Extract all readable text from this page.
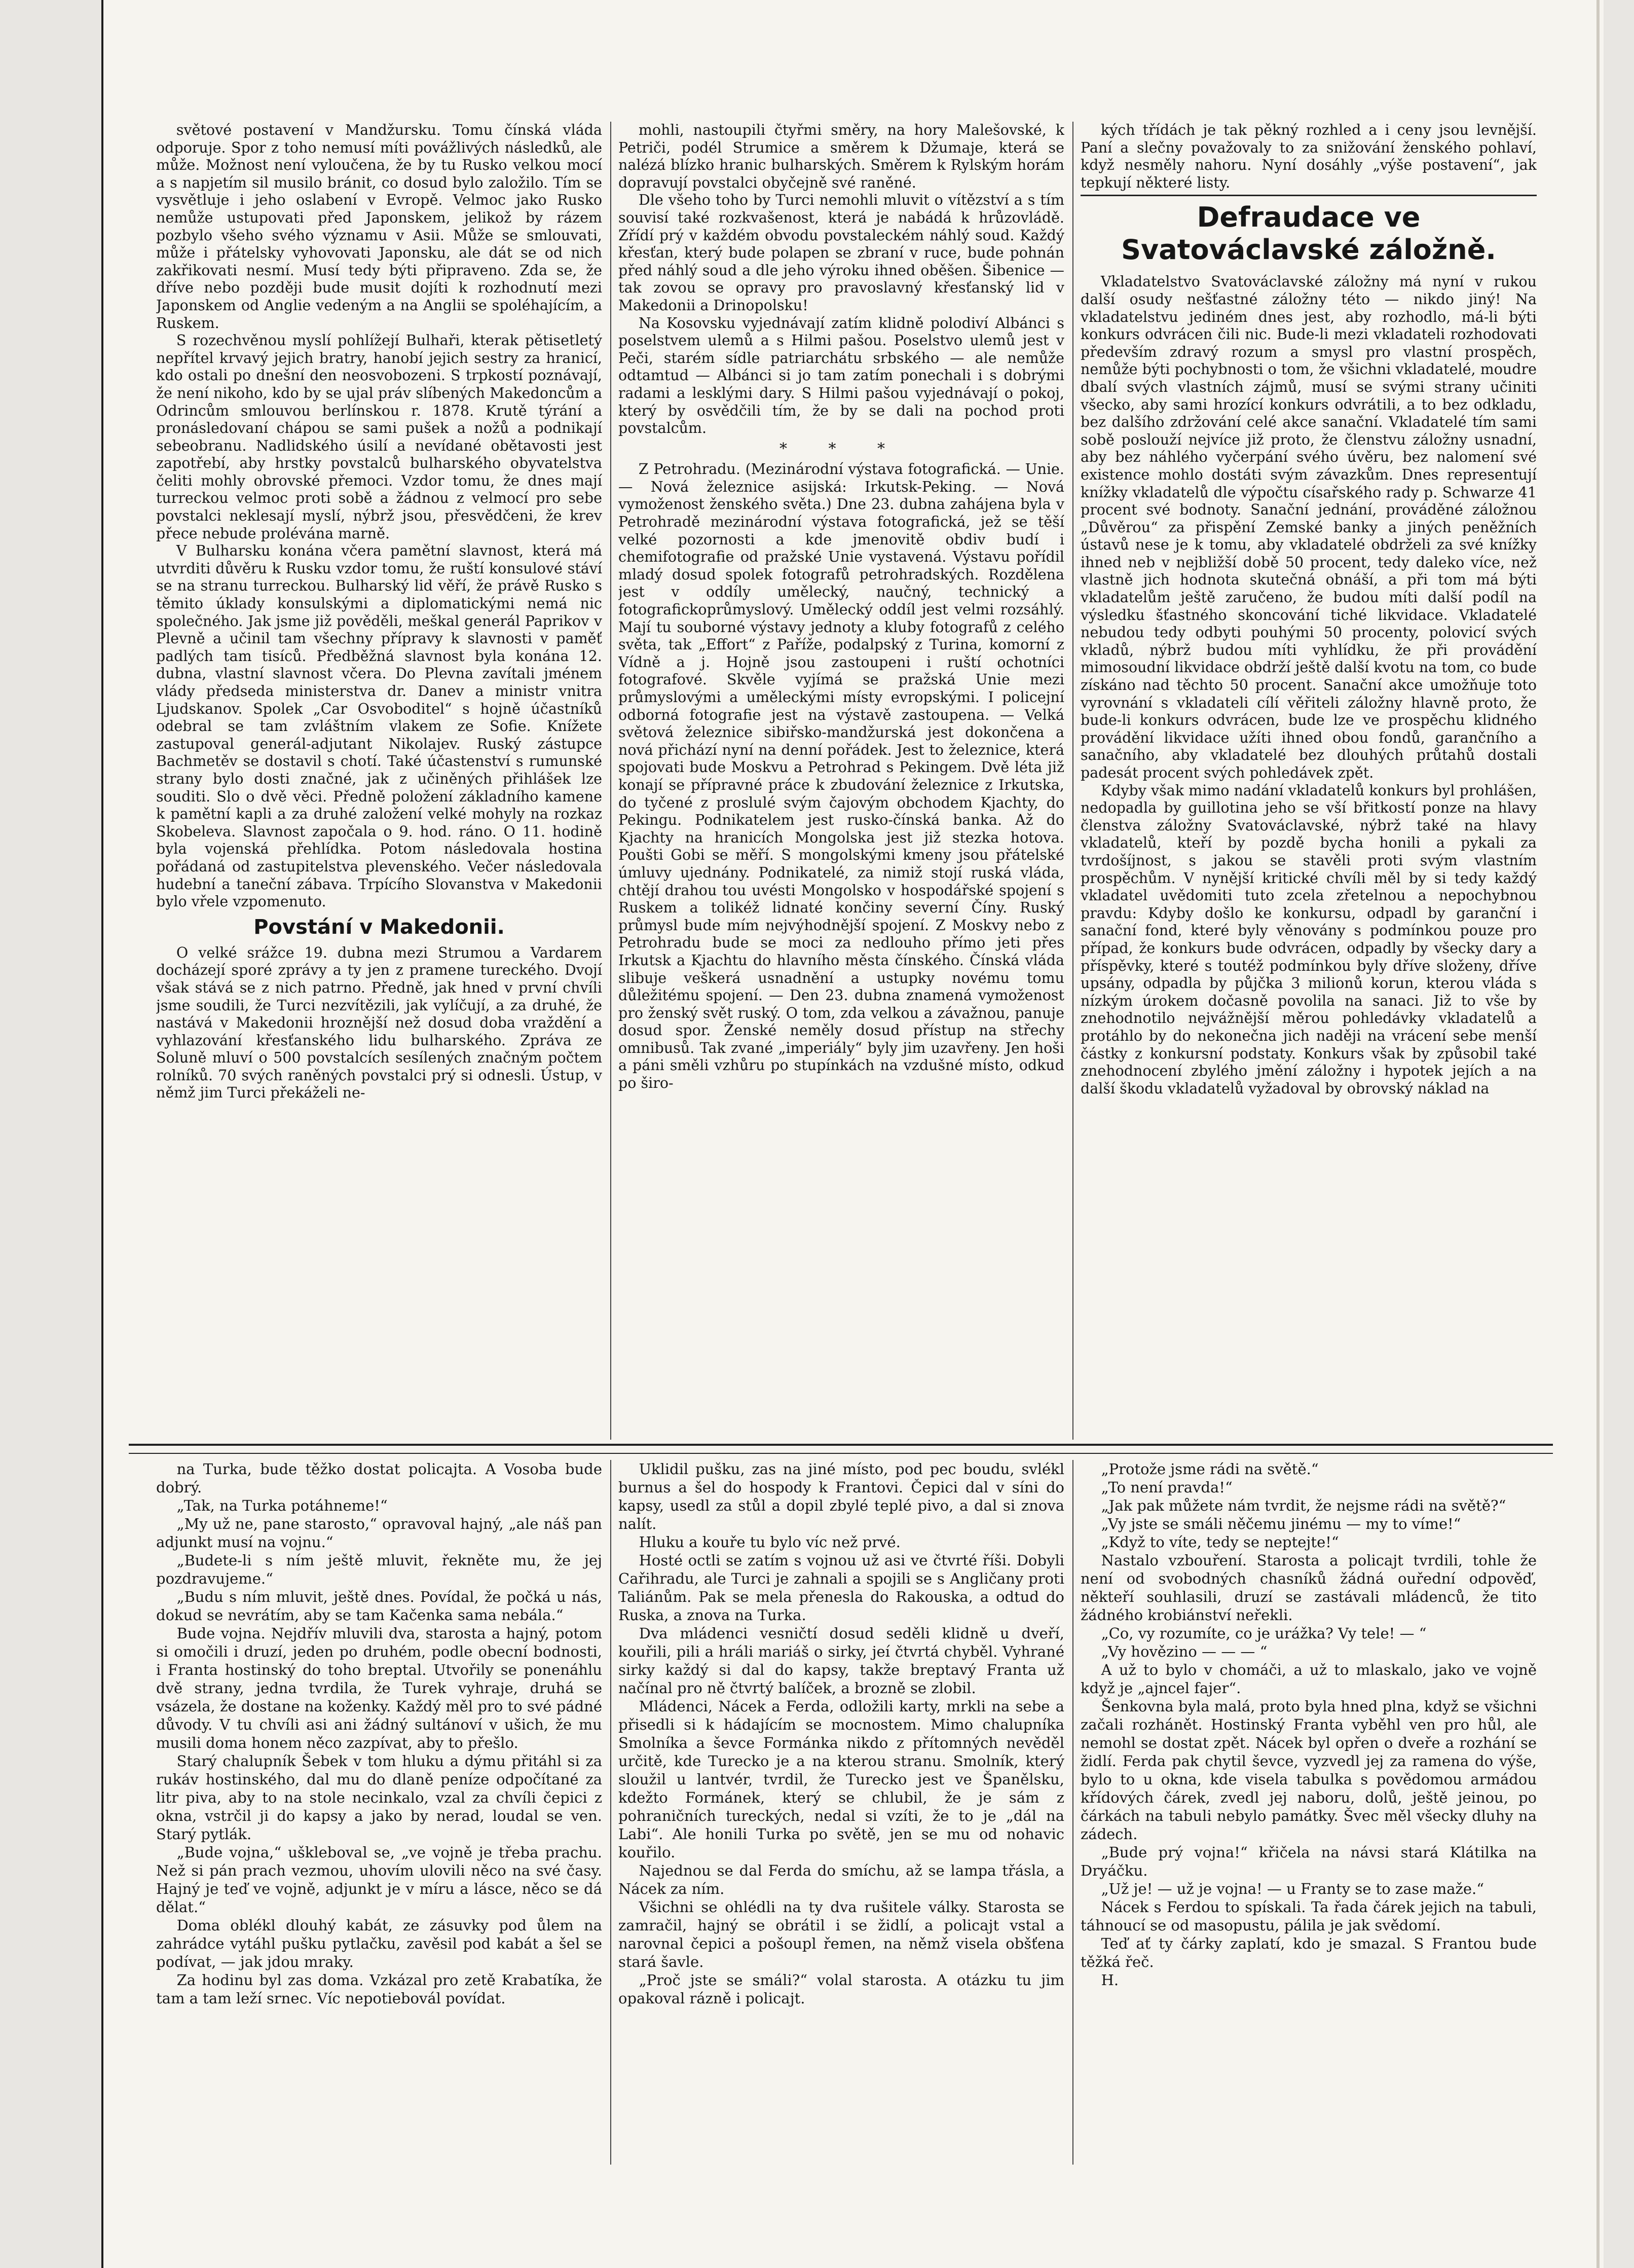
světové postavení v Mandžursku. Tomu čínská vláda odporuje. Spor z toho nemusí míti povážlivých následků, ale může. Možnost není vyloučena, že by tu Rusko velkou mocí a s napjetím sil musilo bránit, co dosud bylo založilo. Tím se vysvětluje i jeho oslabení v Evropě. Velmoc jako Rusko nemůže ustupovati před Japonskem, jelikož by rázem pozbylo všeho svého významu v Asii. Může se smlouvati, může i přátelsky vyhovovati Japonsku, ale dát se od nich zakřikovati nesmí. Musí tedy býti připraveno. Zda se, že dříve nebo později bude musit dojíti k rozhodnutí mezi Japonskem od Anglie vedeným a na Anglii se spoléhajícím, a Ruskem.

S rozechvěnou myslí pohlížejí Bulhaři, kterak pětisetletý nepřítel krvavý jejich bratry, hanobí jejich sestry za hranicí, kdo ostali po dnešní den neosvobozeni. S trpkostí poznávají, že není nikoho, kdo by se ujal práv slíbených Makedoncům a Odrincům smlouvou berlínskou r. 1878. Krutě týrání a pronásledovaní chápou se sami pušek a nožů a podnikají sebeobranu. Nadlidského úsilí a nevídané obětavosti jest zapotřebí, aby hrstky povstalců bulharského obyvatelstva čeliti mohly obrovské přemoci. Vzdor tomu, že dnes mají turreckou velmoc proti sobě a žádnou z velmocí pro sebe povstalci neklesají myslí, nýbrž jsou, přesvědčeni, že krev přece nebude prolévána marně.

V Bulharsku konána včera pamětní slavnost, která má utvrditi důvěru k Rusku vzdor tomu, že ruští konsulové stáví se na stranu turreckou. Bulharský lid věří, že právě Rusko s těmito úklady konsulskými a diplomatickými nemá nic společného. Jak jsme již pověděli, meškal generál Paprikov v Plevně a učinil tam všechny přípravy k slavnosti v paměť padlých tam tisíců. Předběžná slavnost byla konána 12. dubna, vlastní slavnost včera. Do Plevna zavítali jménem vlády předseda ministerstva dr. Danev a ministr vnitra Ljudskanov. Spolek „Car Osvoboditel“ s hojně účastníků odebral se tam zvláštním vlakem ze Sofie. Knížete zastupoval generál-adjutant Nikolajev. Ruský zástupce Bachmetěv se dostavil s chotí. Také účastenství s rumunské strany bylo dosti značné, jak z učiněných přihlášek lze souditi. Slo o dvě věci. Předně položení základního kamene k pamětní kapli a za druhé založení velké mohyly na rozkaz Skobeleva. Slavnost započala o 9. hod. ráno. O 11. hodině byla vojenská přehlídka. Potom následovala hostina pořádaná od zastupitelstva plevenského. Večer následovala hudební a taneční zábava. Trpícího Slovanstva v Makedonii bylo vřele vzpomenuto.

Povstání v Makedonii.

O velké srážce 19. dubna mezi Strumou a Vardarem docházejí sporé zprávy a ty jen z pramene tureckého. Dvojí však stává se z nich patrno. Předně, jak hned v první chvíli jsme soudili, že Turci nezvítězili, jak vylíčují, a za druhé, že nastává v Makedonii hroznější než dosud doba vraždění a vyhlazování křesťanského lidu bulharského. Zpráva ze Soluně mluví o 500 povstalcích sesílených značným počtem rolníků. 70 svých raněných povstalci prý si odnesli. Ústup, v němž jim Turci překáželi ne-

mohli, nastoupili čtyřmi směry, na hory Malešovské, k Petriči, podél Strumice a směrem k Džumaje, která se nalézá blízko hranic bulharských. Směrem k Rylským horám dopravují povstalci obyčejně své raněné.

Dle všeho toho by Turci nemohli mluvit o vítězství a s tím souvisí také rozkvašenost, která je nabádá k hrůzovládě. Zřídí prý v každém obvodu povstaleckém náhlý soud. Každý křesťan, který bude polapen se zbraní v ruce, bude pohnán před náhlý soud a dle jeho výroku ihned oběšen. Šibenice — tak zovou se opravy pro pravoslavný křesťanský lid v Makedonii a Drinopolsku!

Na Kosovsku vyjednávají zatím klidně polodiví Albánci s poselstvem ulemů a s Hilmi pašou. Poselstvo ulemů jest v Peči, starém sídle patriarchátu srbského — ale nemůže odtamtud — Albánci si jo tam zatím ponechali i s dobrými radami a lesklými dary. S Hilmi pašou vyjednávají o pokoj, který by osvědčili tím, že by se dali na pochod proti povstalcům.

* * *

Z Petrohradu. (Mezinárodní výstava fotografická. — Unie. — Nová železnice asijská: Irkutsk-Peking. — Nová vymoženost ženského světa.) Dne 23. dubna zahájena byla v Petrohradě mezinárodní výstava fotografická, jež se těší velké pozornosti a kde jmenovitě obdiv budí i chemifotografie od pražské Unie vystavená. Výstavu pořídil mladý dosud spolek fotografů petrohradských. Rozdělena jest v oddíly umělecký, naučný, technický a fotografickoprůmyslový. Umělecký oddíl jest velmi rozsáhlý. Mají tu souborné výstavy jednoty a kluby fotografů z celého světa, tak „Effort“ z Paříže, podalpský z Turina, komorní z Vídně a j. Hojně jsou zastoupeni i ruští ochotníci fotografové. Skvěle vyjímá se pražská Unie mezi průmyslovými a uměleckými místy evropskými. I policejní odborná fotografie jest na výstavě zastoupena. — Velká světová železnice sibiřsko-mandžurská jest dokončena a nová přichází nyní na denní pořádek. Jest to železnice, která spojovati bude Moskvu a Petrohrad s Pekingem. Dvě léta již konají se přípravné práce k zbudování železnice z Irkutska, do tyčené z proslulé svým čajovým obchodem Kjachty, do Pekingu. Podnikatelem jest rusko-čínská banka. Až do Kjachty na hranicích Mongolska jest již stezka hotova. Poušti Gobi se měří. S mongolskými kmeny jsou přátelské úmluvy ujednány. Podnikatelé, za nimiž stojí ruská vláda, chtějí drahou tou uvésti Mongolsko v hospodářské spojení s Ruskem a tolikéž lidnaté končiny severní Číny. Ruský průmysl bude mím nejvýhodnější spojení. Z Moskvy nebo z Petrohradu bude se moci za nedlouho přímo jeti přes Irkutsk a Kjachtu do hlavního města čínského. Čínská vláda slibuje veškerá usnadnění a ustupky novému tomu důležitému spojení. — Den 23. dubna znamená vymoženost pro ženský svět ruský. O tom, zda velkou a závažnou, panuje dosud spor. Ženské neměly dosud přístup na střechy omnibusů. Tak zvané „imperiály“ byly jim uzavřeny. Jen hoši a páni směli vzhůru po stupínkách na vzdušné místo, odkud po širo-

kých třídách je tak pěkný rozhled a i ceny jsou levnější. Paní a slečny považovaly to za snižování ženského pohlaví, když nesměly nahoru. Nyní dosáhly „výše postavení“, jak tepkují některé listy.

Defraudace ve Svatováclavské záložně.

Vkladatelstvo Svatováclavské záložny má nyní v rukou další osudy nešťastné záložny této — nikdo jiný! Na vkladatelstvu jediném dnes jest, aby rozhodlo, má-li býti konkurs odvrácen čili nic. Bude-li mezi vkladateli rozhodovati především zdravý rozum a smysl pro vlastní prospěch, nemůže býti pochybnosti o tom, že všichni vkladatelé, moudre dbalí svých vlastních zájmů, musí se svými strany učiniti všecko, aby sami hrozící konkurs odvrátili, a to bez odkladu, bez dalšího zdržování celé akce sanační. Vkladatelé tím sami sobě poslouží nejvíce již proto, že členstvu záložny usnadní, aby bez náhlého vyčerpání svého úvěru, bez nalomení své existence mohlo dostáti svým závazkům. Dnes representují knížky vkladatelů dle výpočtu císařského rady p. Schwarze 41 procent své bodnoty. Sanační jednání, prováděné záložnou „Důvěrou“ za přispění Zemské banky a jiných peněžních ústavů nese je k tomu, aby vkladatelé obdrželi za své knížky ihned neb v nejbližší době 50 procent, tedy daleko více, než vlastně jich hodnota skutečná obnáší, a při tom má býti vkladatelům ještě zaručeno, že budou míti další podíl na výsledku šťastného skoncování tiché likvidace. Vkladatelé nebudou tedy odbyti pouhými 50 procenty, polovicí svých vkladů, nýbrž budou míti vyhlídku, že při provádění mimosoudní likvidace obdrží ještě další kvotu na tom, co bude získáno nad těchto 50 procent. Sanační akce umožňuje toto vyrovnání s vkladateli cílí věřiteli záložny hlavně proto, že bude-li konkurs odvrácen, bude lze ve prospěchu klidného provádění likvidace užíti ihned obou fondů, garančního a sanačního, aby vkladatelé bez dlouhých průtahů dostali padesát procent svých pohledávek zpět.

Kdyby však mimo nadání vkladatelů konkurs byl prohlášen, nedopadla by guillotina jeho se vší břitkostí ponze na hlavy členstva záložny Svatováclavské, nýbrž také na hlavy vkladatelů, kteří by pozdě bycha honili a pykali za tvrdošíjnost, s jakou se stavěli proti svým vlastním prospěchům. V nynější kritické chvíli měl by si tedy každý vkladatel uvědomiti tuto zcela zřetelnou a nepochybnou pravdu: Kdyby došlo ke konkursu, odpadl by garanční i sanační fond, které byly věnovány s podmínkou pouze pro případ, že konkurs bude odvrácen, odpadly by všecky dary a příspěvky, které s toutéž podmínkou byly dříve složeny, dříve upsány, odpadla by půjčka 3 milionů korun, kterou vláda s nízkým úrokem dočasně povolila na sanaci. Již to vše by znehodnotilo nejvážnější měrou pohledávky vkladatelů a protáhlo by do nekonečna jich naději na vrácení sebe menší částky z konkursní podstaty. Konkurs však by způsobil také znehodnocení zbylého jmění záložny i hypotek jejích a na další škodu vkladatelů vyžadoval by obrovský náklad na

na Turka, bude těžko dostat policajta. A Vosoba bude dobrý.

„Tak, na Turka potáhneme!“

„My už ne, pane starosto,“ opravoval hajný, „ale náš pan adjunkt musí na vojnu.“

„Budete-li s ním ještě mluvit, řekněte mu, že jej pozdravujeme.“

„Budu s ním mluvit, ještě dnes. Povídal, že počká u nás, dokud se nevrátím, aby se tam Kačenka sama nebála.“

Bude vojna. Nejdřív mluvili dva, starosta a hajný, potom si omočili i druzí, jeden po druhém, podle obecní bodnosti, i Franta hostinský do toho breptal. Utvořily se ponenáhlu dvě strany, jedna tvrdila, že Turek vyhraje, druhá se vsázela, že dostane na koženky. Každý měl pro to své pádné důvody. V tu chvíli asi ani žádný sultánoví v ušich, že mu musili doma honem něco zazpívat, aby to přešlo.

Starý chalupník Šebek v tom hluku a dýmu přitáhl si za rukáv hostinského, dal mu do dlaně peníze odpočítané za litr piva, aby to na stole necinkalo, vzal za chvíli čepici z okna, vstrčil ji do kapsy a jako by nerad, loudal se ven. Starý pytlák.

„Bude vojna,“ uškleboval se, „ve vojně je třeba prachu. Než si pán prach vezmou, uhovím ulovili něco na své časy. Hajný je teď ve vojně, adjunkt je v míru a lásce, něco se dá dělat.“

Doma oblékl dlouhý kabát, ze zásuvky pod ůlem na zahrádce vytáhl pušku pytlačku, zavěsil pod kabát a šel se podívat, — jak jdou mraky.

Za hodinu byl zas doma. Vzkázal pro zetě Krabatíka, že tam a tam leží srnec. Víc nepotiebovál povídat.

Uklidil pušku, zas na jiné místo, pod pec boudu, svlékl burnus a šel do hospody k Frantovi. Čepici dal v síni do kapsy, usedl za stůl a dopil zbylé teplé pivo, a dal si znova nalít.

Hluku a kouře tu bylo víc než prvé.

Hosté octli se zatím s vojnou už asi ve čtvrté říši. Dobyli Cařihradu, ale Turci je zahnali a spojili se s Angličany proti Taliánům. Pak se mela přenesla do Rakouska, a odtud do Ruska, a znova na Turka.

Dva mládenci vesničtí dosud seděli klidně u dveří, kouřili, pili a hráli mariáš o sirky, jeí čtvrtá chyběl. Vyhrané sirky každý si dal do kapsy, takže breptavý Franta už načínal pro ně čtvrtý balíček, a brozně se zlobil.

Mládenci, Nácek a Ferda, odložili karty, mrkli na sebe a přisedli si k hádajícím se mocnostem. Mimo chalupníka Smolníka a ševce Formánka nikdo z přítomných nevěděl určitě, kde Turecko je a na kterou stranu. Smolník, který sloužil u lantvér, tvrdil, že Turecko jest ve Španělsku, kdežto Formánek, který se chlubil, že je sám z pohraničních tureckých, nedal si vzíti, že to je „dál na Labi“. Ale honili Turka po světě, jen se mu od nohavic kouřilo.

Najednou se dal Ferda do smíchu, až se lampa třásla, a Nácek za ním.

Všichni se ohlédli na ty dva rušitele války. Starosta se zamračil, hajný se obrátil i se židlí, a policajt vstal a narovnal čepici a pošoupl řemen, na němž visela obšťena stará šavle.

„Proč jste se smáli?“ volal starosta. A otázku tu jim opakoval rázně i policajt.

„Protože jsme rádi na světě.“

„To není pravda!“

„Jak pak můžete nám tvrdit, že nejsme rádi na světě?“

„Vy jste se smáli něčemu jinému — my to víme!“

„Když to víte, tedy se neptejte!“

Nastalo vzbouření. Starosta a policajt tvrdili, tohle že není od svobodných chasníků žádná ouřední odpověď, někteří souhlasili, druzí se zastávali mládenců, že tito žádného krobiánství neřekli.

„Co, vy rozumíte, co je urážka? Vy tele! — “

„Vy hovězino — — — “

A už to bylo v chomáči, a už to mlaskalo, jako ve vojně když je „ajncel fajer“.

Šenkovna byla malá, proto byla hned plna, když se všichni začali rozhánět. Hostinský Franta vyběhl ven pro hůl, ale nemohl se dostat zpět. Nácek byl opřen o dveře a rozhání se židlí. Ferda pak chytil ševce, vyzvedl jej za ramena do výše, bylo to u okna, kde visela tabulka s povědomou armádou křídových čárek, zvedl jej naboru, dolů, ještě jeinou, po čárkách na tabuli nebylo památky. Švec měl všecky dluhy na zádech.

„Bude prý vojna!“ křičela na návsi stará Klátilka na Dryáčku.

„Už je! — už je vojna! — u Franty se to zase maže.“

Nácek s Ferdou to spískali. Ta řada čárek jejich na tabuli, táhnoucí se od masopustu, pálila je jak svědomí.

Teď ať ty čárky zaplatí, kdo je smazal. S Frantou bude těžká řeč.

H.
